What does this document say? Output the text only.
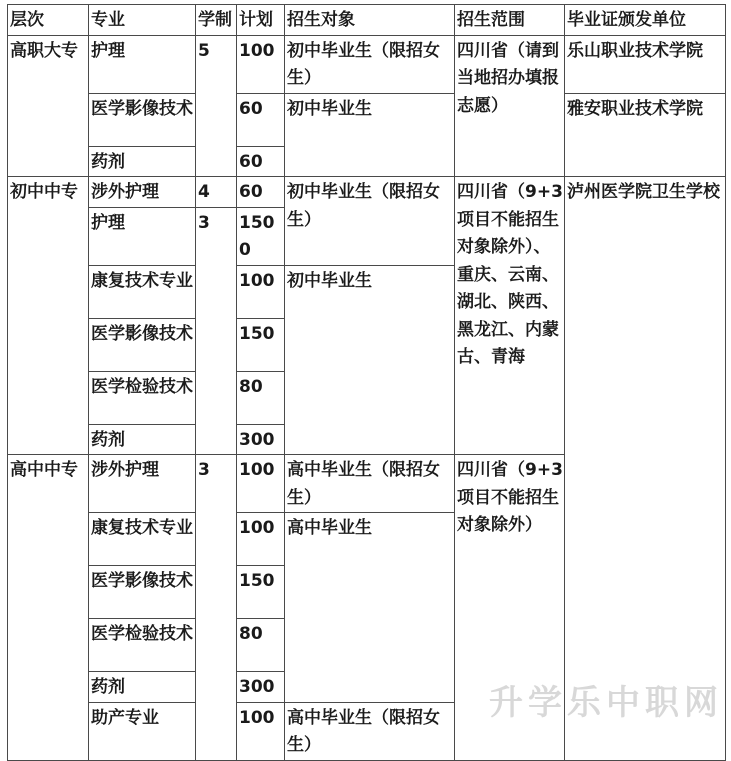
层次	专业	学制	计划	招生对象	招生范围	毕业证颁发单位
高职大专	护理	5	100	初中毕业生（限招女生）	四川省（请到当地招办填报志愿）	乐山职业技术学院
	医学影像技术		60	初中毕业生		雅安职业技术学院
	药剂		60			
初中中专	涉外护理	4	60	初中毕业生（限招女生）	四川省（9+3项目不能招生对象除外）、重庆、云南、湖北、陕西、黑龙江、内蒙古、青海	泸州医学院卫生学校
	护理	3	1500			
	康复技术专业		100	初中毕业生		
	医学影像技术		150			
	医学检验技术		80			
	药剂		300			
高中中专	涉外护理	3	100	高中毕业生（限招女生）	四川省（9+3项目不能招生对象除外）	
	康复技术专业		100	高中毕业生		
	医学影像技术		150			
	医学检验技术		80			
	药剂		300			
	助产专业		100	高中毕业生（限招女生）		
升学乐中职网
